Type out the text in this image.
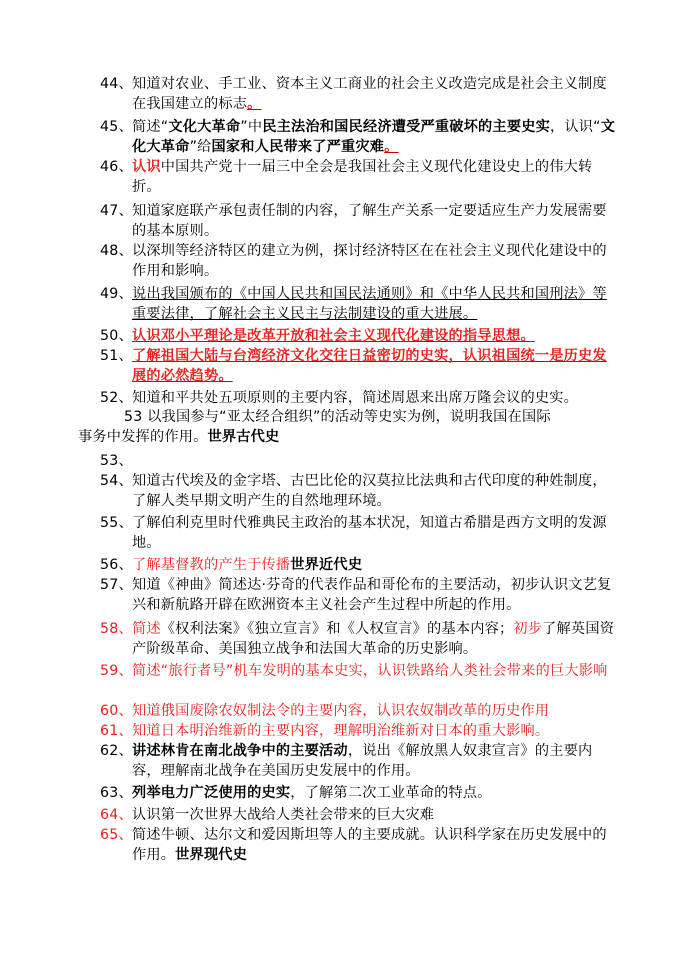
44、 知道对农业、手工业、资本主义工商业的社会主义改造完成是社会主义制度在我国建立的标志。
45、 简述“文化大革命”中民主法治和国民经济遭受严重破坏的主要史实，认识“文化大革命”给国家和人民带来了严重灾难。
46、 认识中国共产党十一届三中全会是我国社会主义现代化建设史上的伟大转折。
47、 知道家庭联产承包责任制的内容，了解生产关系一定要适应生产力发展需要的基本原则。
48、 以深圳等经济特区的建立为例，探讨经济特区在在社会主义现代化建设中的作用和影响。
49、 说出我国颁布的《中国人民共和国民法通则》和《中华人民共和国刑法》等重要法律，了解社会主义民主与法制建设的重大进展。
50、 认识邓小平理论是改革开放和社会主义现代化建设的指导思想。
51、 了解祖国大陆与台湾经济文化交往日益密切的史实，认识祖国统一是历史发展的必然趋势。
52、 知道和平共处五项原则的主要内容，简述周恩来出席万隆会议的史实。
53 以我国参与“亚太经合组织”的活动等史实为例，说明我国在国际
事务中发挥的作用。世界古代史
53、
54、 知道古代埃及的金字塔、古巴比伦的汉莫拉比法典和古代印度的种姓制度，了解人类早期文明产生的自然地理环境。
55、 了解伯利克里时代雅典民主政治的基本状况，知道古希腊是西方文明的发源地。
56、 了解基督教的产生于传播世界近代史
57、 知道《神曲》简述达·芬奇的代表作品和哥伦布的主要活动，初步认识文艺复兴和新航路开辟在欧洲资本主义社会产生过程中所起的作用。
58、 简述《权利法案》《独立宣言》和《人权宣言》的基本内容；初步了解英国资产阶级革命、美国独立战争和法国大革命的历史影响。
59、 简述“旅行者号”机车发明的基本史实，认识铁路给人类社会带来的巨大影响
60、 知道俄国废除农奴制法令的主要内容，认识农奴制改革的历史作用
61、 知道日本明治维新的主要内容，理解明治维新对日本的重大影响。
62、 讲述林肯在南北战争中的主要活动，说出《解放黑人奴隶宣言》的主要内容，理解南北战争在美国历史发展中的作用。
63、 列举电力广泛使用的史实，了解第二次工业革命的特点。
64、 认识第一次世界大战给人类社会带来的巨大灾难
65、 简述牛顿、达尔文和爱因斯坦等人的主要成就。认识科学家在历史发展中的作用。世界现代史
